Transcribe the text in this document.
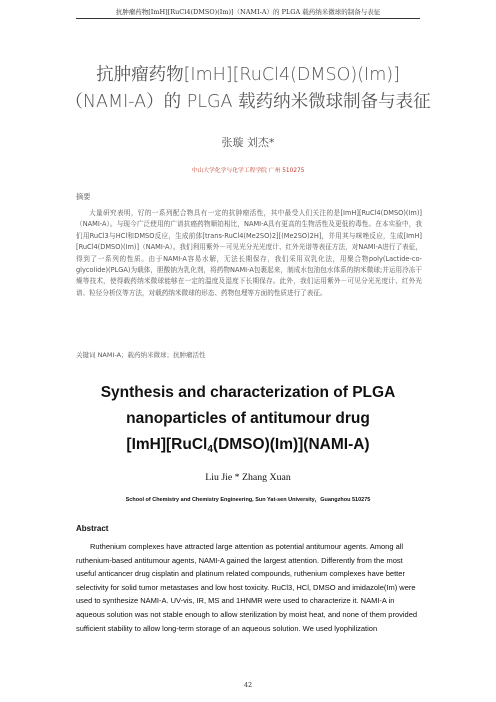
抗肿瘤药物[ImH][RuCl4(DMSO)(Im)]（NAMI-A）的 PLGA 载药纳米微球的制备与表征
抗肿瘤药物[ImH][RuCl4(DMSO)(Im)]
（NAMI-A）的 PLGA 载药纳米微球制备与表征
张璇 刘杰*
中山大学化学与化学工程学院 广州 510275
摘要

大量研究表明，钌的一系列配合物具有一定的抗肿瘤活性，其中最受人们关注的是[ImH][RuCl4(DMSO)(Im)]（NAMI-A）。与现今广泛使用的广谱抗癌药物顺铂相比，NAMI-A具有更高的生物活性及更低的毒性。在本实验中，我们用RuCl3与HCl和DMSO反应，生成前体[trans-RuCl4(Me2SO)2][(Me2SO)2H]，并用其与咪唑反应，生成[ImH][RuCl4(DMSO)(Im)]（NAMI-A）。我们利用紫外－可见光分光光度计、红外光谱等表征方法，对NAMI-A进行了表征，得到了一系列的性质。由于NAMI-A容易水解，无法长期保存，我们采用双乳化法，用聚合物poly(Lactide-co-glycolide)(PLGA)为载体，胆酸钠为乳化剂，将药物NAMI-A包裹起来，制成水包油包水体系的纳米微球;并运用冷冻干燥等技术，使得载药纳米微球能够在一定的温度及湿度下长期保存。此外，我们运用紫外－可见分光光度计、红外光谱、粒径分析仪等方法，对载药纳米微球的形态、药物包埋等方面的性质进行了表征。

关键词 NAMI-A；载药纳米微球；抗肿瘤活性
Synthesis and characterization of PLGA
nanoparticles of antitumour drug
[ImH][RuCl$_4$(DMSO)(Im)](NAMI-A)
Liu Jie * Zhang Xuan
School of Chemistry and Chemistry Engineering, Sun Yat-sen University，Guangzhou 510275
Abstract

Ruthenium complexes have attracted large attention as potential antitumour agents. Among all ruthenium-based antitumour agents, NAMI-A gained the largest attention. Differently from the most useful anticancer drug cisplatin and platinum related compounds, ruthenium complexes have better selectivity for solid tumor metastases and low host toxicity. RuCl3, HCl, DMSO and imidazole(Im) were used to synthesize NAMI-A. UV-vis, IR, MS and 1HNMR were used to characterize it. NAMI-A in aqueous solution was not stable enough to allow sterilization by moist heat, and none of them provided sufficient stability to allow long-term storage of an aqueous solution. We used lyophilization

42
